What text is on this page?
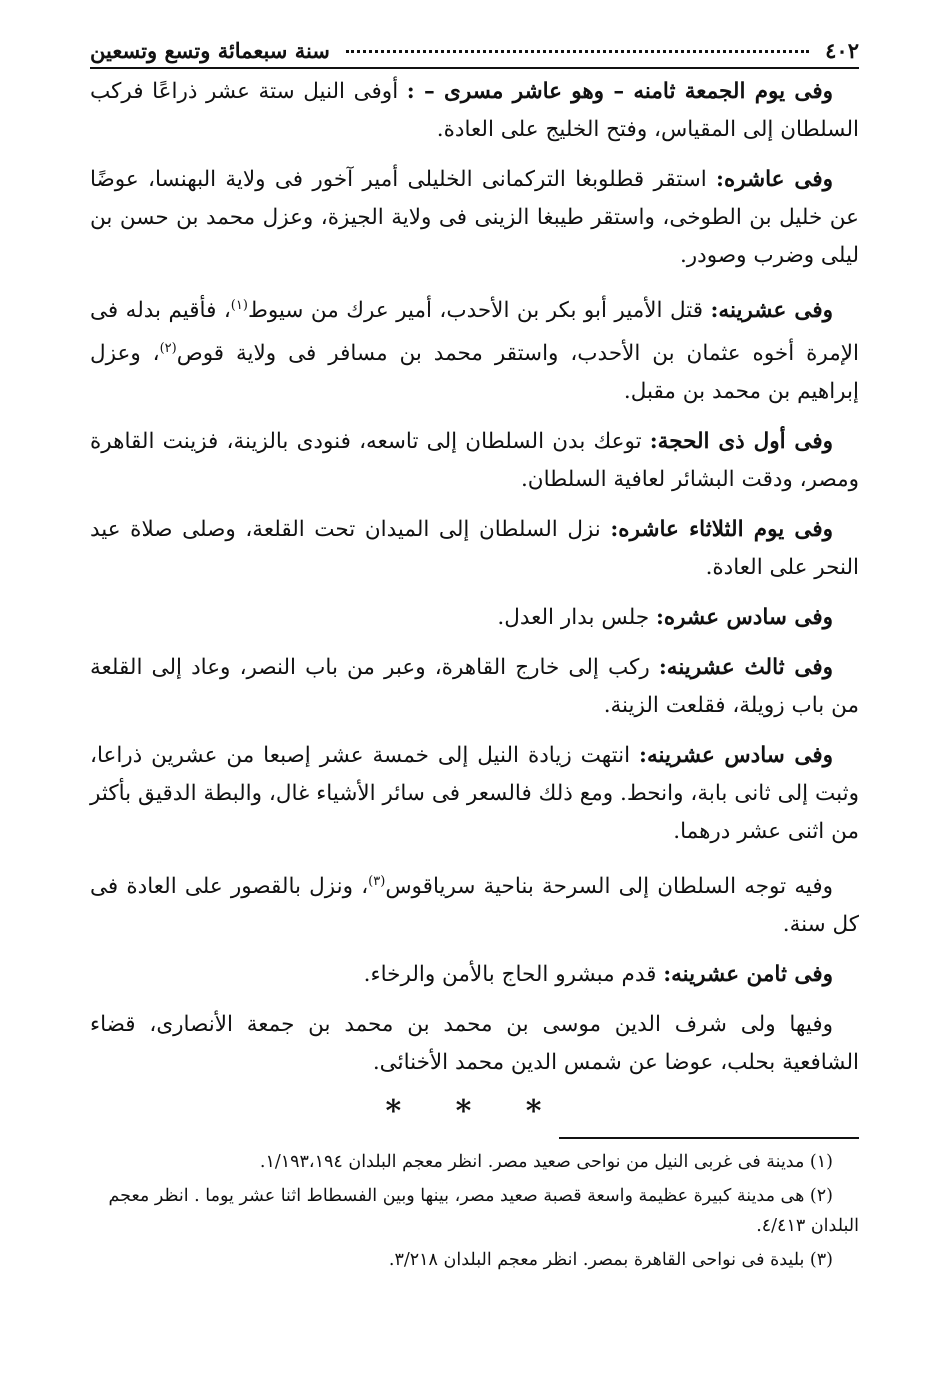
٤٠٢
سنة سبعمائة وتسع وتسعين

وفى يوم الجمعة ثامنه – وهو عاشر مسرى – : أوفى النيل ستة عشر ذراعًا فركب السلطان إلى المقياس، وفتح الخليج على العادة.

وفى عاشره: استقر قطلوبغا التركمانى الخليلى أمير آخور فى ولاية البهنسا، عوضًا عن خليل بن الطوخى، واستقر طيبغا الزينى فى ولاية الجيزة، وعزل محمد بن حسن بن ليلى وضرب وصودر.

وفى عشرينه: قتل الأمير أبو بكر بن الأحدب، أمير عرك من سيوط$^{(١)}$، فأقيم بدله فى الإمرة أخوه عثمان بن الأحدب، واستقر محمد بن مسافر فى ولاية قوص$^{(٢)}$، وعزل إبراهيم بن محمد بن مقبل.

وفى أول ذى الحجة: توعك بدن السلطان إلى تاسعه، فنودى بالزينة، فزينت القاهرة ومصر، ودقت البشائر لعافية السلطان.

وفى يوم الثلاثاء عاشره: نزل السلطان إلى الميدان تحت القلعة، وصلى صلاة عيد النحر على العادة.

وفى سادس عشره: جلس بدار العدل.

وفى ثالث عشرينه: ركب إلى خارج القاهرة، وعبر من باب النصر، وعاد إلى القلعة من باب زويلة، فقلعت الزينة.

وفى سادس عشرينه: انتهت زيادة النيل إلى خمسة عشر إصبعا من عشرين ذراعا، وثبت إلى ثانى بابة، وانحط. ومع ذلك فالسعر فى سائر الأشياء غال، والبطة الدقيق بأكثر من اثنى عشر درهما.

وفيه توجه السلطان إلى السرحة بناحية سرياقوس$^{(٣)}$، ونزل بالقصور على العادة فى كل سنة.

وفى ثامن عشرينه: قدم مبشرو الحاج بالأمن والرخاء.

وفيها ولى شرف الدين موسى بن محمد بن محمد بن جمعة الأنصارى، قضاء الشافعية بحلب، عوضا عن شمس الدين محمد الأخنائى.

* * *

(١) مدينة فى غربى النيل من نواحى صعيد مصر. انظر معجم البلدان ١/١٩٣،١٩٤.

(٢) هى مدينة كبيرة عظيمة واسعة قصبة صعيد مصر، بينها وبين الفسطاط اثنا عشر يوما . انظر معجم البلدان ٤/٤١٣.

(٣) بليدة فى نواحى القاهرة بمصر. انظر معجم البلدان ٣/٢١٨.
